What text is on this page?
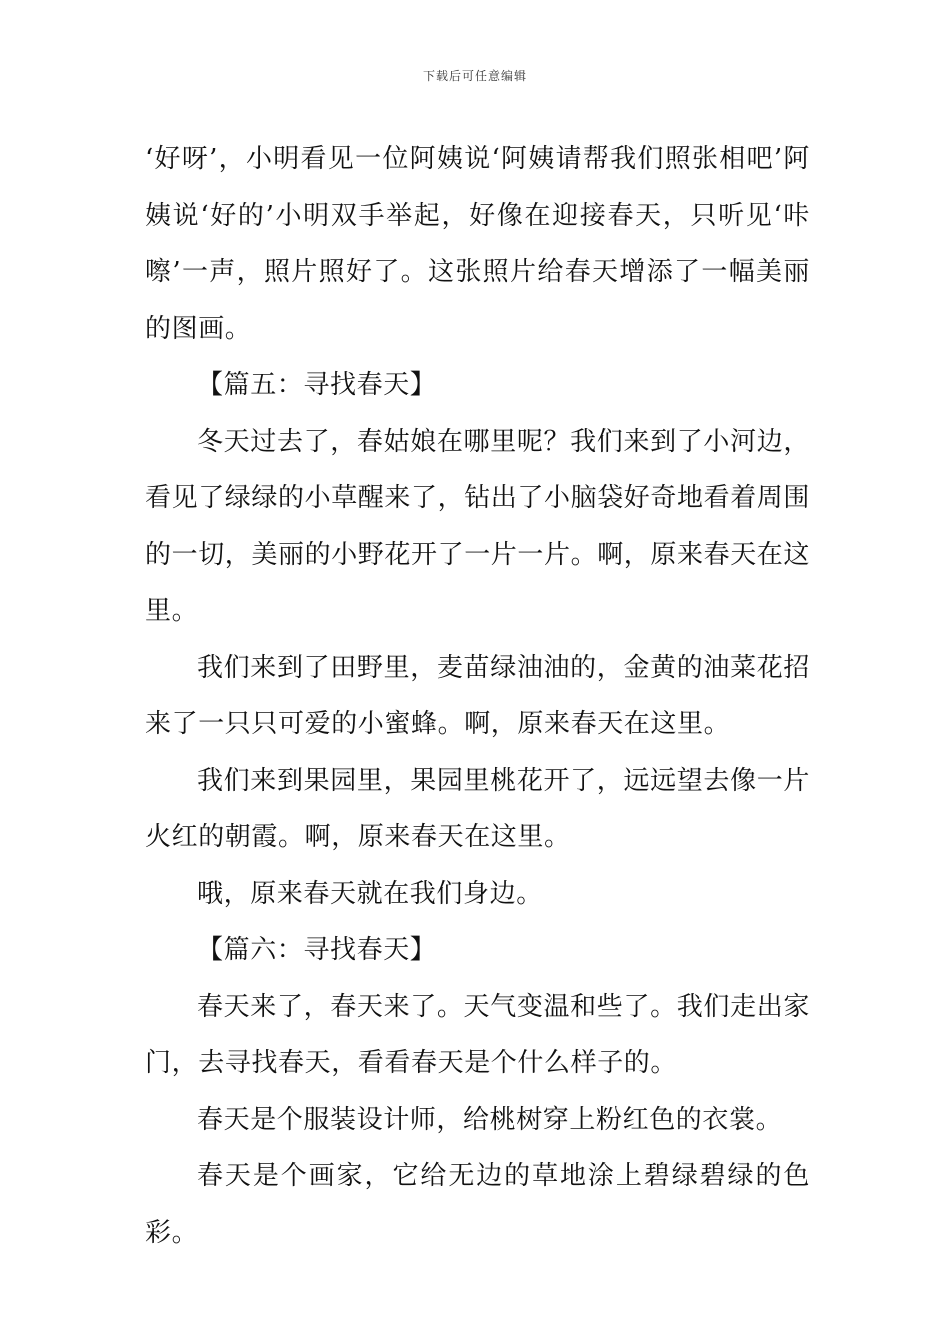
下载后可任意编辑

‘好呀’，小明看见一位阿姨说‘阿姨请帮我们照张相吧’阿姨说‘好的’小明双手举起，好像在迎接春天，只听见‘咔嚓’一声，照片照好了。这张照片给春天增添了一幅美丽的图画。

【篇五：寻找春天】

冬天过去了，春姑娘在哪里呢？我们来到了小河边，看见了绿绿的小草醒来了，钻出了小脑袋好奇地看着周围的一切，美丽的小野花开了一片一片。啊，原来春天在这里。

我们来到了田野里，麦苗绿油油的，金黄的油菜花招来了一只只可爱的小蜜蜂。啊，原来春天在这里。

我们来到果园里，果园里桃花开了，远远望去像一片火红的朝霞。啊，原来春天在这里。

哦，原来春天就在我们身边。

【篇六：寻找春天】

春天来了，春天来了。天气变温和些了。我们走出家门，去寻找春天，看看春天是个什么样子的。

春天是个服装设计师，给桃树穿上粉红色的衣裳。

春天是个画家，它给无边的草地涂上碧绿碧绿的色彩。
